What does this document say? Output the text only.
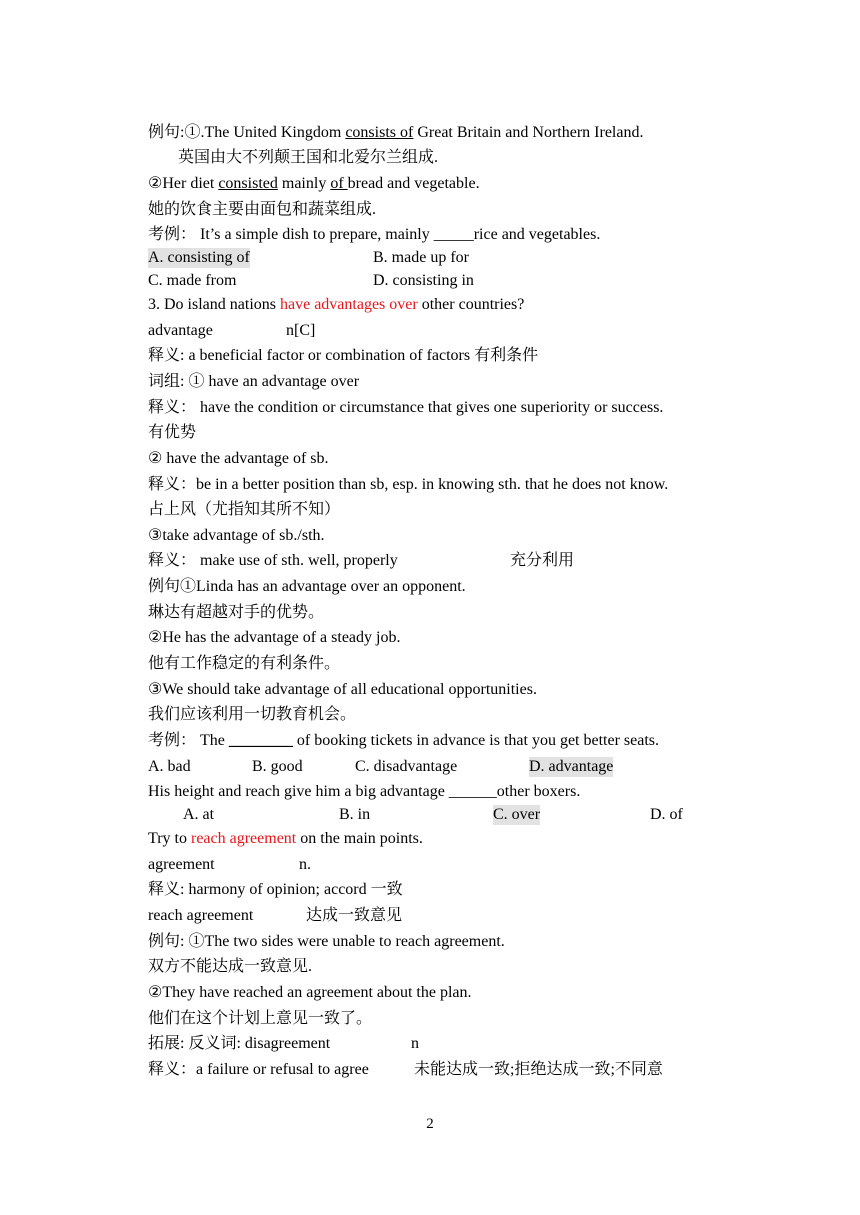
例句:①.The United Kingdom consists of Great Britain and Northern Ireland.
英国由大不列颠王国和北爱尔兰组成.
②Her diet consisted mainly of bread and vegetable.
她的饮食主要由面包和蔬菜组成.
考例： It’s a simple dish to prepare, mainly _____rice and vegetables.
A. consisting of	B. made up for
C. made from	D. consisting in
3. Do island nations have advantages over other countries?
advantage	n[C]
释义: a beneficial factor or combination of factors 有利条件
词组: ① have an advantage over
释义： have the condition or circumstance that gives one superiority or success.
有优势
② have the advantage of sb.
释义：be in a better position than sb, esp. in knowing sth. that he does not know.
占上风（尤指知其所不知）
③take advantage of sb./sth.
释义： make use of sth. well, properly	充分利用
例句①Linda has an advantage over an opponent.
琳达有超越对手的优势。
②He has the advantage of a steady job.
他有工作稳定的有利条件。
③We should take advantage of all educational opportunities.
我们应该利用一切教育机会。
考例： The ________ of booking tickets in advance is that you get better seats.
A. bad	B. good	C. disadvantage	D. advantage
His height and reach give him a big advantage ______other boxers.
A. at	B. in	C. over	D. of
Try to reach agreement on the main points.
agreement	n.
释义: harmony of opinion; accord 一致
reach agreement	达成一致意见
例句: ①The two sides were unable to reach agreement.
双方不能达成一致意见.
②They have reached an agreement about the plan.
他们在这个计划上意见一致了。
拓展: 反义词: disagreement	n
释义：a failure or refusal to agree	未能达成一致;拒绝达成一致;不同意
2
